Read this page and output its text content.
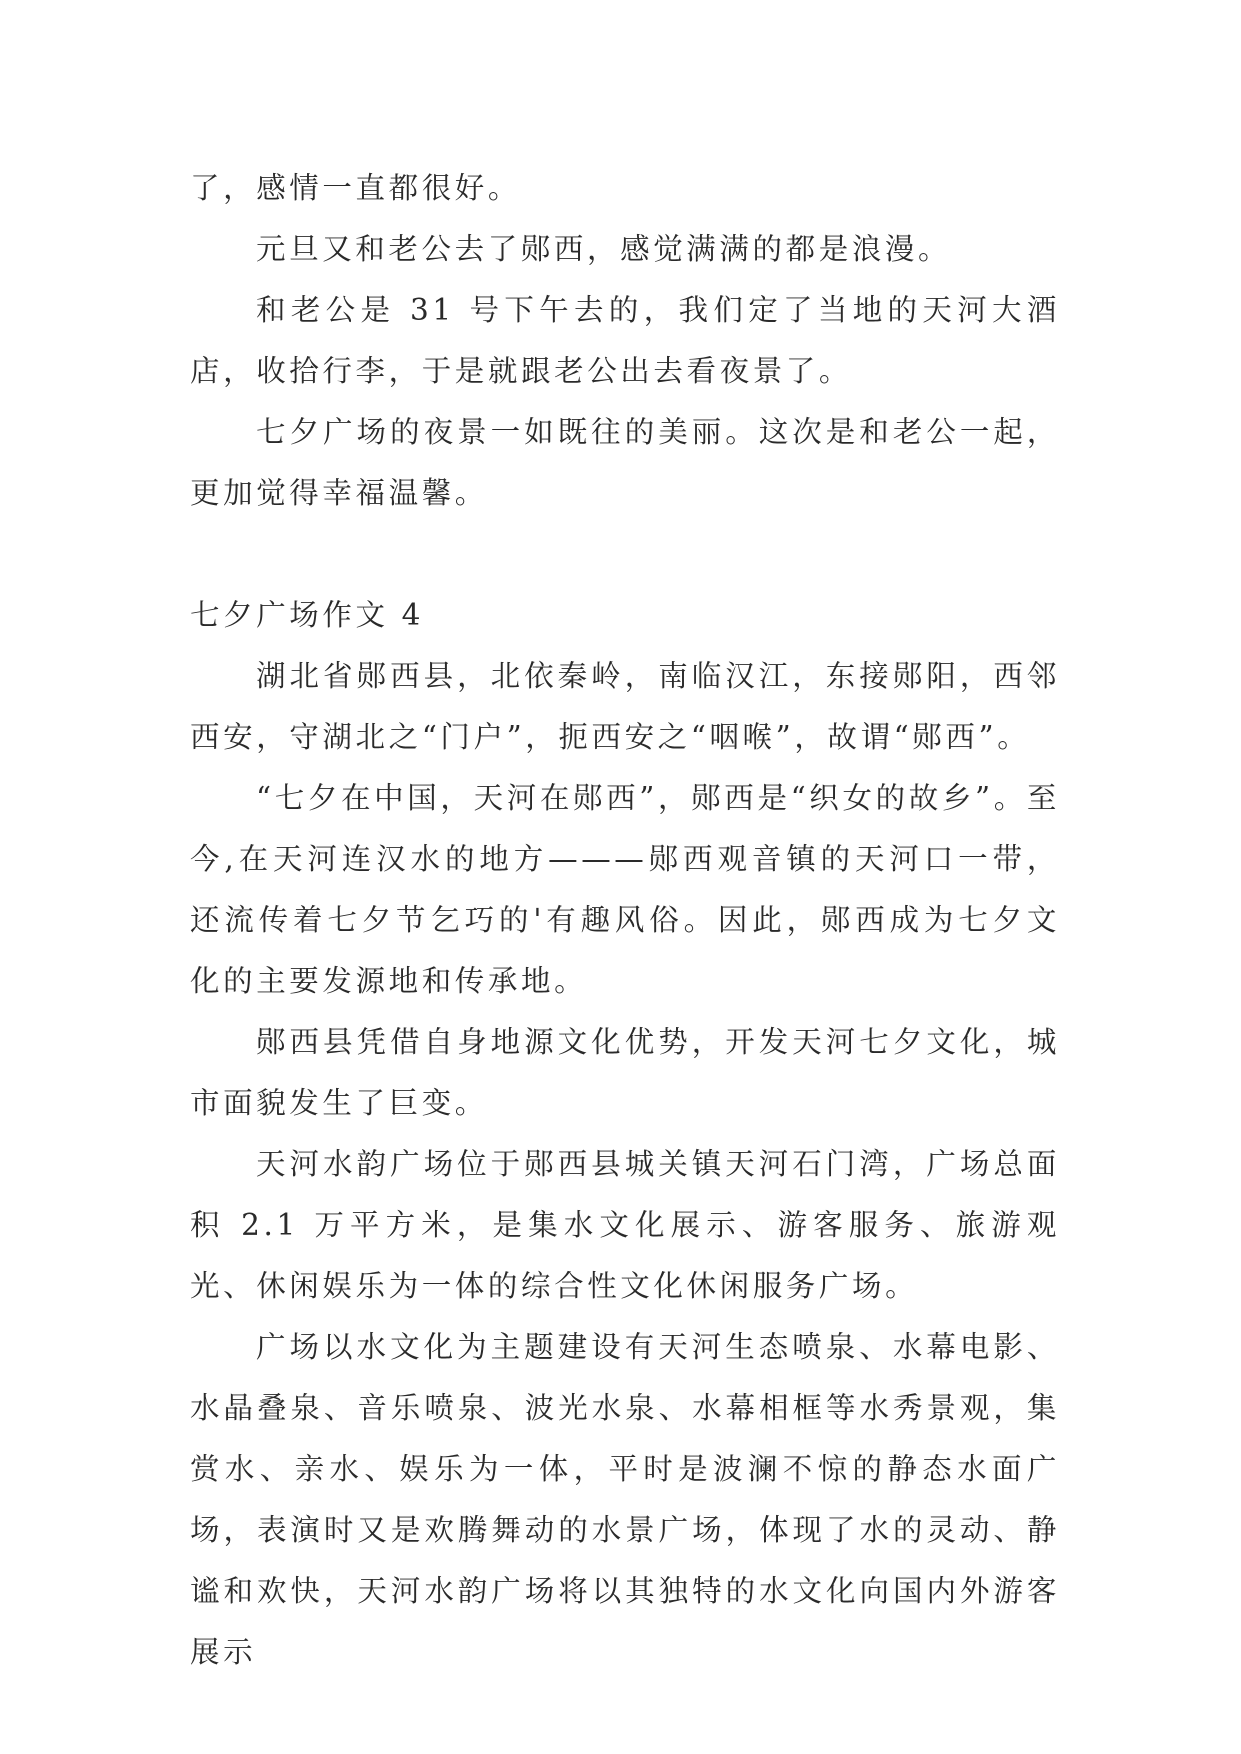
了，感情一直都很好。

元旦又和老公去了郧西，感觉满满的都是浪漫。

和老公是 31 号下午去的，我们定了当地的天河大酒店，收拾行李，于是就跟老公出去看夜景了。

七夕广场的夜景一如既往的美丽。这次是和老公一起，更加觉得幸福温馨。

七夕广场作文 4

湖北省郧西县，北依秦岭，南临汉江，东接郧阳，西邻西安，守湖北之“门户”，扼西安之“咽喉”，故谓“郧西”。

“七夕在中国，天河在郧西”，郧西是“织女的故乡”。至今,在天河连汉水的地方———郧西观音镇的天河口一带，还流传着七夕节乞巧的'有趣风俗。因此，郧西成为七夕文化的主要发源地和传承地。

郧西县凭借自身地源文化优势，开发天河七夕文化，城市面貌发生了巨变。

天河水韵广场位于郧西县城关镇天河石门湾，广场总面积 2.1 万平方米，是集水文化展示、游客服务、旅游观光、休闲娱乐为一体的综合性文化休闲服务广场。

广场以水文化为主题建设有天河生态喷泉、水幕电影、水晶叠泉、音乐喷泉、波光水泉、水幕相框等水秀景观，集赏水、亲水、娱乐为一体，平时是波澜不惊的静态水面广场，表演时又是欢腾舞动的水景广场，体现了水的灵动、静谧和欢快，天河水韵广场将以其独特的水文化向国内外游客展示
